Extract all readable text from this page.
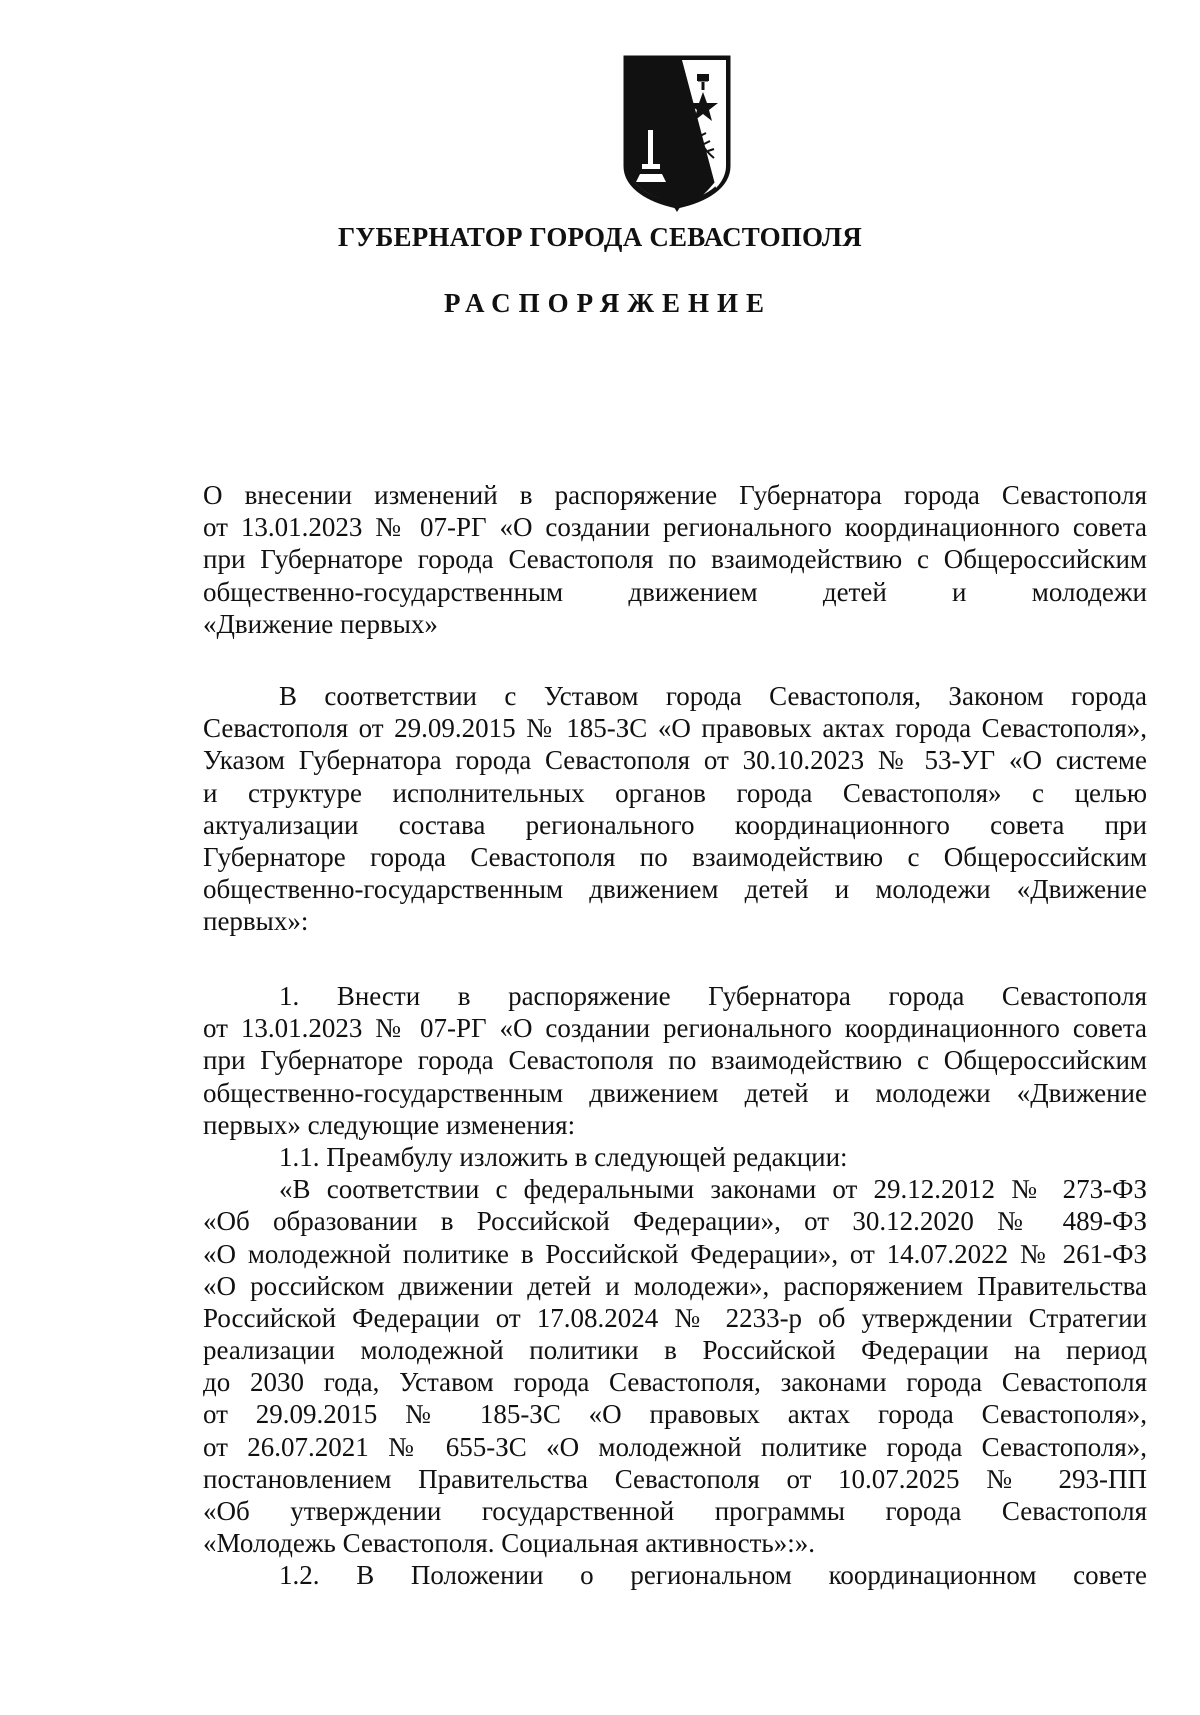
ГУБЕРНАТОР ГОРОДА СЕВАСТОПОЛЯ
РАСПОРЯЖЕНИЕ
О внесении изменений в распоряжение Губернатора города Севастополя
от 13.01.2023 № 07-РГ «О создании регионального координационного совета
при Губернаторе города Севастополя по взаимодействию с Общероссийским
общественно-государственным движением детей и молодежи
«Движение первых»
В соответствии с Уставом города Севастополя, Законом города
Севастополя от 29.09.2015 № 185-ЗС «О правовых актах города Севастополя»,
Указом Губернатора города Севастополя от 30.10.2023 № 53-УГ «О системе
и структуре исполнительных органов города Севастополя» с целью
актуализации состава регионального координационного совета при
Губернаторе города Севастополя по взаимодействию с Общероссийским
общественно-государственным движением детей и молодежи «Движение
первых»:
1. Внести в распоряжение Губернатора города Севастополя
от 13.01.2023 № 07-РГ «О создании регионального координационного совета
при Губернаторе города Севастополя по взаимодействию с Общероссийским
общественно-государственным движением детей и молодежи «Движение
первых» следующие изменения:
1.1. Преамбулу изложить в следующей редакции:
«В соответствии с федеральными законами от 29.12.2012 № 273-ФЗ
«Об образовании в Российской Федерации», от 30.12.2020 № 489-ФЗ
«О молодежной политике в Российской Федерации», от 14.07.2022 № 261-ФЗ
«О российском движении детей и молодежи», распоряжением Правительства
Российской Федерации от 17.08.2024 № 2233-р об утверждении Стратегии
реализации молодежной политики в Российской Федерации на период
до 2030 года, Уставом города Севастополя, законами города Севастополя
от 29.09.2015 № 185-ЗС «О правовых актах города Севастополя»,
от 26.07.2021 № 655-ЗС «О молодежной политике города Севастополя»,
постановлением Правительства Севастополя от 10.07.2025 № 293-ПП
«Об утверждении государственной программы города Севастополя
«Молодежь Севастополя. Социальная активность»:».
1.2. В Положении о региональном координационном совете
